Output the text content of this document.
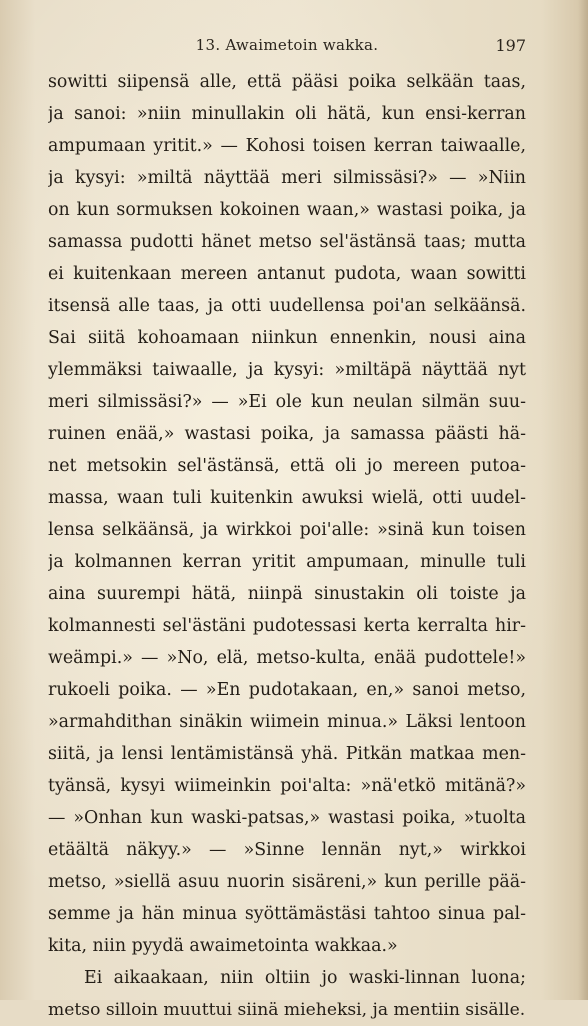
13. Awaimetoin wakka.	197
sowitti siipensä alle, että pääsi poika selkään taas,
ja sanoi: »niin minullakin oli hätä, kun ensi-kerran
ampumaan yritit.» — Kohosi toisen kerran taiwaalle,
ja kysyi: »miltä näyttää meri silmissäsi?» — »Niin
on kun sormuksen kokoinen waan,» wastasi poika, ja
samassa pudotti hänet metso sel'ästänsä taas; mutta
ei kuitenkaan mereen antanut pudota, waan sowitti
itsensä alle taas, ja otti uudellensa poi'an selkäänsä.
Sai siitä kohoamaan niinkun ennenkin, nousi aina
ylemmäksi taiwaalle, ja kysyi: »miltäpä näyttää nyt
meri silmissäsi?» — »Ei ole kun neulan silmän suu-
ruinen enää,» wastasi poika, ja samassa päästi hä-
net metsokin sel'ästänsä, että oli jo mereen putoa-
massa, waan tuli kuitenkin awuksi wielä, otti uudel-
lensa selkäänsä, ja wirkkoi poi'alle: »sinä kun toisen
ja kolmannen kerran yritit ampumaan, minulle tuli
aina suurempi hätä, niinpä sinustakin oli toiste ja
kolmannesti sel'ästäni pudotessasi kerta kerralta hir-
weämpi.» — »No, elä, metso-kulta, enää pudottele!»
rukoeli poika. — »En pudotakaan, en,» sanoi metso,
»armahdithan sinäkin wiimein minua.» Läksi lentoon
siitä, ja lensi lentämistänsä yhä. Pitkän matkaa men-
tyänsä, kysyi wiimeinkin poi'alta: »nä'etkö mitänä?»
— »Onhan kun waski-patsas,» wastasi poika, »tuolta
etäältä näkyy.» — »Sinne lennän nyt,» wirkkoi
metso, »siellä asuu nuorin sisäreni,» kun perille pää-
semme ja hän minua syöttämästäsi tahtoo sinua pal-
kita, niin pyydä awaimetointa wakkaa.»
Ei aikaakaan, niin oltiin jo waski-linnan luona;
metso silloin muuttui siinä mieheksi, ja mentiin sisälle.
